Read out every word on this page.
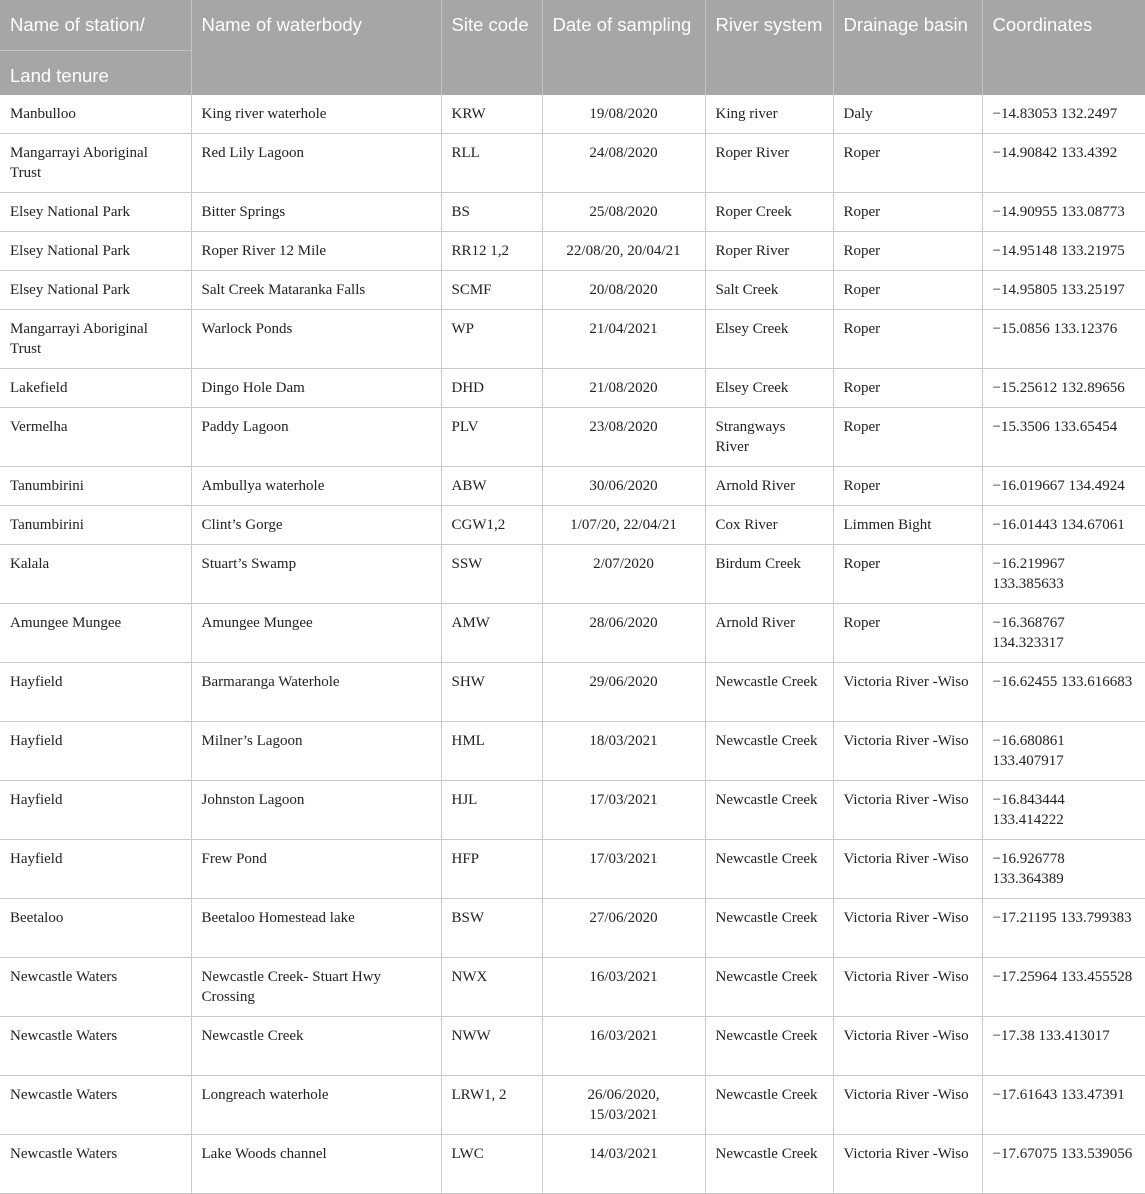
Name of station/
Land tenure	Name of waterbody	Site code	Date of sampling	River system	Drainage basin	Coordinates
Manbulloo	King river waterhole	KRW	19/08/2020	King river	Daly	−14.83053 132.2497
Mangarrayi Aboriginal Trust	Red Lily Lagoon	RLL	24/08/2020	Roper River	Roper	−14.90842 133.4392
Elsey National Park	Bitter Springs	BS	25/08/2020	Roper Creek	Roper	−14.90955 133.08773
Elsey National Park	Roper River 12 Mile	RR12 1,2	22/08/20, 20/04/21	Roper River	Roper	−14.95148 133.21975
Elsey National Park	Salt Creek Mataranka Falls	SCMF	20/08/2020	Salt Creek	Roper	−14.95805 133.25197
Mangarrayi Aboriginal Trust	Warlock Ponds	WP	21/04/2021	Elsey Creek	Roper	−15.0856 133.12376
Lakefield	Dingo Hole Dam	DHD	21/08/2020	Elsey Creek	Roper	−15.25612 132.89656
Vermelha	Paddy Lagoon	PLV	23/08/2020	Strangways River	Roper	−15.3506 133.65454
Tanumbirini	Ambullya waterhole	ABW	30/06/2020	Arnold River	Roper	−16.019667 134.4924
Tanumbirini	Clint’s Gorge	CGW1,2	1/07/20, 22/04/21	Cox River	Limmen Bight	−16.01443 134.67061
Kalala	Stuart’s Swamp	SSW	2/07/2020	Birdum Creek	Roper	−16.219967 133.385633
Amungee Mungee	Amungee Mungee	AMW	28/06/2020	Arnold River	Roper	−16.368767 134.323317
Hayfield	Barmaranga Waterhole	SHW	29/06/2020	Newcastle Creek	Victoria River -Wiso	−16.62455 133.616683
Hayfield	Milner’s Lagoon	HML	18/03/2021	Newcastle Creek	Victoria River -Wiso	−16.680861 133.407917
Hayfield	Johnston Lagoon	HJL	17/03/2021	Newcastle Creek	Victoria River -Wiso	−16.843444 133.414222
Hayfield	Frew Pond	HFP	17/03/2021	Newcastle Creek	Victoria River -Wiso	−16.926778 133.364389
Beetaloo	Beetaloo Homestead lake	BSW	27/06/2020	Newcastle Creek	Victoria River -Wiso	−17.21195 133.799383
Newcastle Waters	Newcastle Creek- Stuart Hwy Crossing	NWX	16/03/2021	Newcastle Creek	Victoria River -Wiso	−17.25964 133.455528
Newcastle Waters	Newcastle Creek	NWW	16/03/2021	Newcastle Creek	Victoria River -Wiso	−17.38 133.413017
Newcastle Waters	Longreach waterhole	LRW1, 2	26/06/2020, 15/03/2021	Newcastle Creek	Victoria River -Wiso	−17.61643 133.47391
Newcastle Waters	Lake Woods channel	LWC	14/03/2021	Newcastle Creek	Victoria River -Wiso	−17.67075 133.539056
